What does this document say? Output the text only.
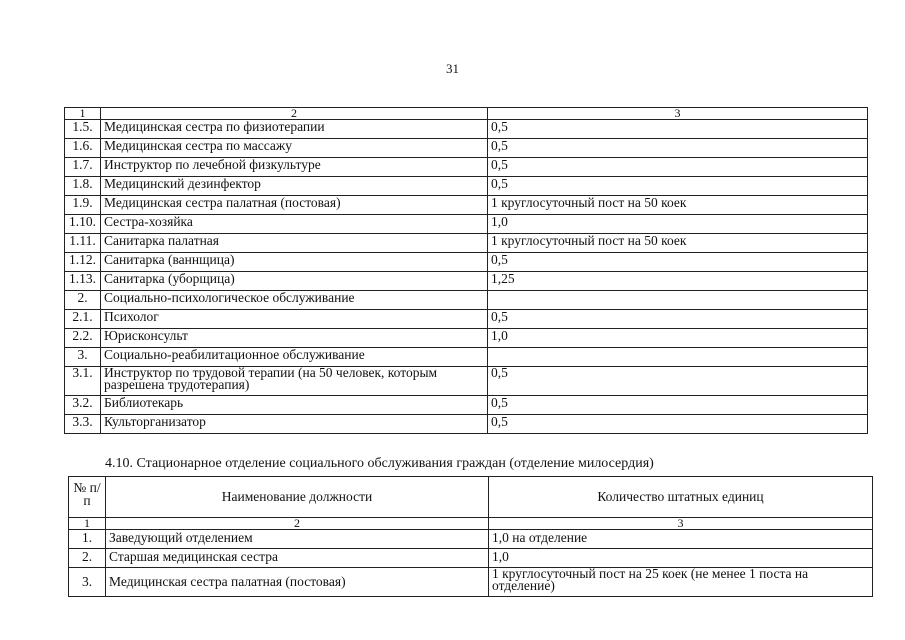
31
1	2	3
1.5.	Медицинская сестра по физиотерапии	0,5
1.6.	Медицинская сестра по массажу	0,5
1.7.	Инструктор по лечебной физкультуре	0,5
1.8.	Медицинский дезинфектор	0,5
1.9.	Медицинская сестра палатная (постовая)	1 круглосуточный пост на 50 коек
1.10.	Сестра-хозяйка	1,0
1.11.	Санитарка палатная	1 круглосуточный пост на 50 коек
1.12.	Санитарка (ваннщица)	0,5
1.13.	Санитарка (уборщица)	1,25
2.	Социально-психологическое обслуживание	
2.1.	Психолог	0,5
2.2.	Юрисконсульт	1,0
3.	Социально-реабилитационное обслуживание	
3.1.	Инструктор по трудовой терапии (на 50 человек, которым разрешена трудотерапия)	0,5
3.2.	Библиотекарь	0,5
3.3.	Культорганизатор	0,5
4.10. Стационарное отделение социального обслуживания граждан (отделение милосердия)
№ п/п	Наименование должности	Количество штатных единиц
1	2	3
1.	Заведующий отделением	1,0 на отделение
2.	Старшая медицинская сестра	1,0
3.	Медицинская сестра палатная (постовая)	1 круглосуточный пост на 25 коек (не менее 1 поста на отделение)
